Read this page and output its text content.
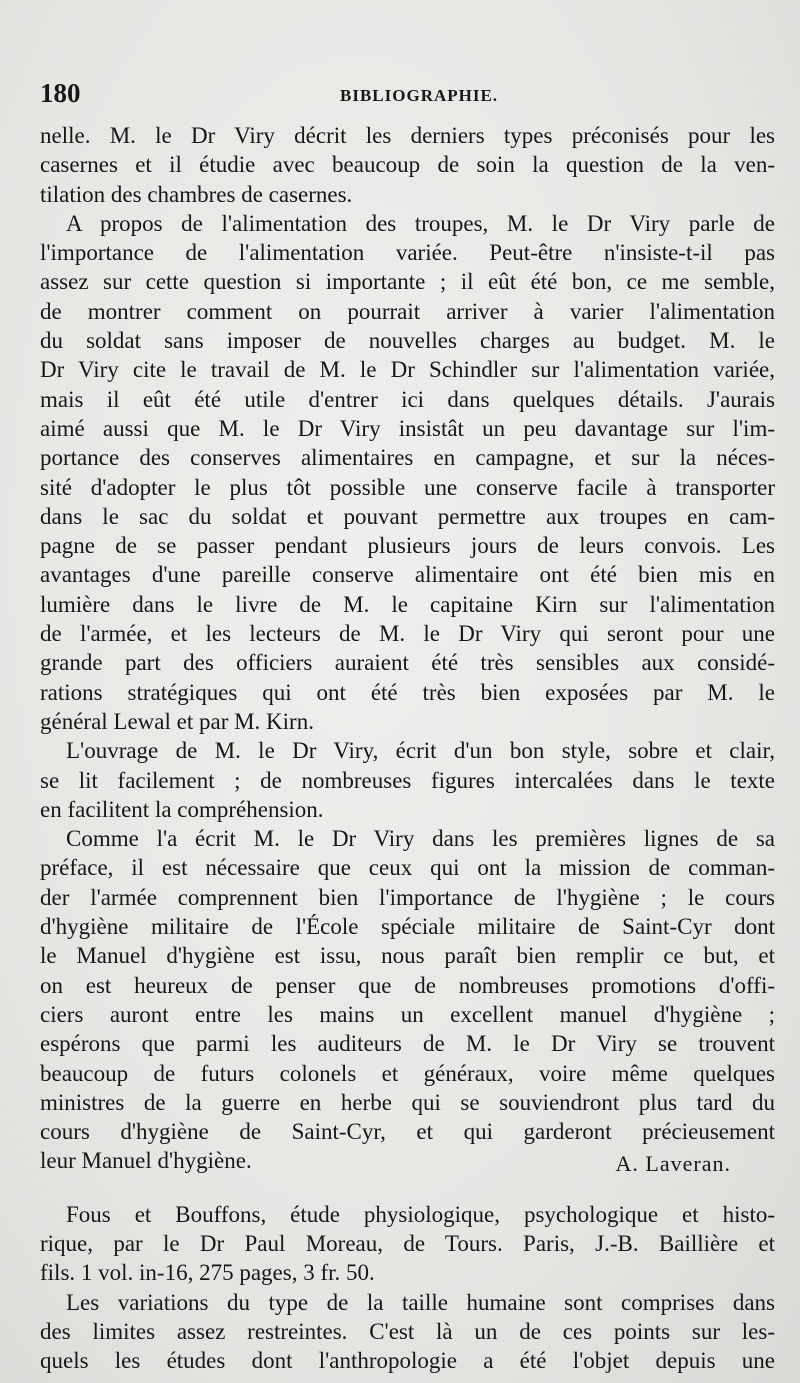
180	BIBLIOGRAPHIE.
nelle. M. le Dr Viry décrit les derniers types préconisés pour les
casernes et il étudie avec beaucoup de soin la question de la ven-
tilation des chambres de casernes.
A propos de l'alimentation des troupes, M. le Dr Viry parle de
l'importance de l'alimentation variée. Peut-être n'insiste-t-il pas
assez sur cette question si importante ; il eût été bon, ce me semble,
de montrer comment on pourrait arriver à varier l'alimentation
du soldat sans imposer de nouvelles charges au budget. M. le
Dr Viry cite le travail de M. le Dr Schindler sur l'alimentation variée,
mais il eût été utile d'entrer ici dans quelques détails. J'aurais
aimé aussi que M. le Dr Viry insistât un peu davantage sur l'im-
portance des conserves alimentaires en campagne, et sur la néces-
sité d'adopter le plus tôt possible une conserve facile à transporter
dans le sac du soldat et pouvant permettre aux troupes en cam-
pagne de se passer pendant plusieurs jours de leurs convois. Les
avantages d'une pareille conserve alimentaire ont été bien mis en
lumière dans le livre de M. le capitaine Kirn sur l'alimentation
de l'armée, et les lecteurs de M. le Dr Viry qui seront pour une
grande part des officiers auraient été très sensibles aux considé-
rations stratégiques qui ont été très bien exposées par M. le
général Lewal et par M. Kirn.
L'ouvrage de M. le Dr Viry, écrit d'un bon style, sobre et clair,
se lit facilement ; de nombreuses figures intercalées dans le texte
en facilitent la compréhension.
Comme l'a écrit M. le Dr Viry dans les premières lignes de sa
préface, il est nécessaire que ceux qui ont la mission de comman-
der l'armée comprennent bien l'importance de l'hygiène ; le cours
d'hygiène militaire de l'École spéciale militaire de Saint-Cyr dont
le Manuel d'hygiène est issu, nous paraît bien remplir ce but, et
on est heureux de penser que de nombreuses promotions d'offi-
ciers auront entre les mains un excellent manuel d'hygiène ;
espérons que parmi les auditeurs de M. le Dr Viry se trouvent
beaucoup de futurs colonels et généraux, voire même quelques
ministres de la guerre en herbe qui se souviendront plus tard du
cours d'hygiène de Saint-Cyr, et qui garderont précieusement
leur Manuel d'hygiène.	A. Laveran.
Fous et Bouffons, étude physiologique, psychologique et histo-
rique, par le Dr Paul Moreau, de Tours. Paris, J.-B. Baillière et
fils. 1 vol. in-16, 275 pages, 3 fr. 50.
Les variations du type de la taille humaine sont comprises dans
des limites assez restreintes. C'est là un de ces points sur les-
quels les études dont l'anthropologie a été l'objet depuis une
